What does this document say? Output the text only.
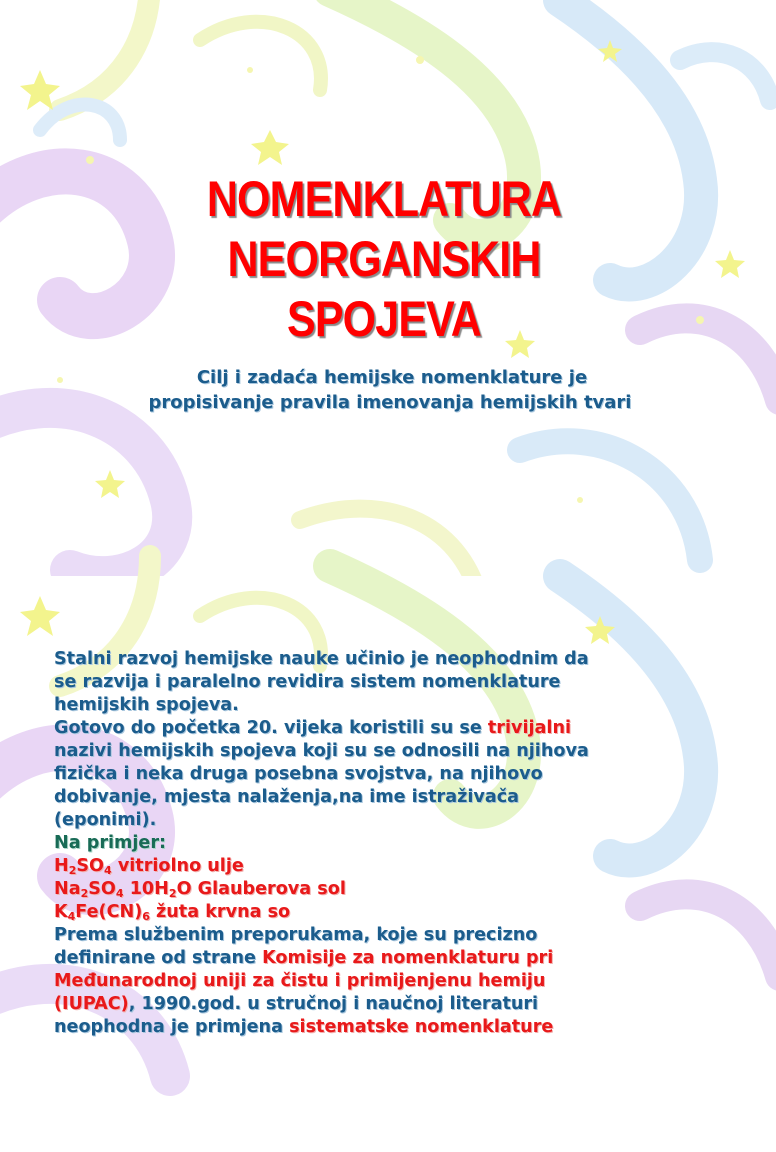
NOMENKLATURA
NEORGANSKIH
SPOJEVA
Cilj i zadaća hemijske nomenklature je
propisivanje pravila imenovanja hemijskih tvari
Stalni razvoj hemijske nauke učinio je neophodnim da
se razvija i paralelno revidira sistem nomenklature
hemijskih spojeva.
Gotovo do početka 20. vijeka koristili su se trivijalni
nazivi hemijskih spojeva koji su se odnosili na njihova
fizička i neka druga posebna svojstva, na njihovo
dobivanje, mjesta nalaženja,na ime istraživača
(eponimi).
Na primjer:
$H_2SO_4$ vitriolno ulje
$Na_2SO_4$ $10H_2O$ Glauberova sol
$K_4Fe(CN)_6$ žuta krvna so
Prema službenim preporukama, koje su precizno
definirane od strane Komisije za nomenklaturu pri
Međunarodnoj uniji za čistu i primijenjenu hemiju
(IUPAC), 1990.god. u stručnoj i naučnoj literaturi
neophodna je primjena sistematske nomenklature
